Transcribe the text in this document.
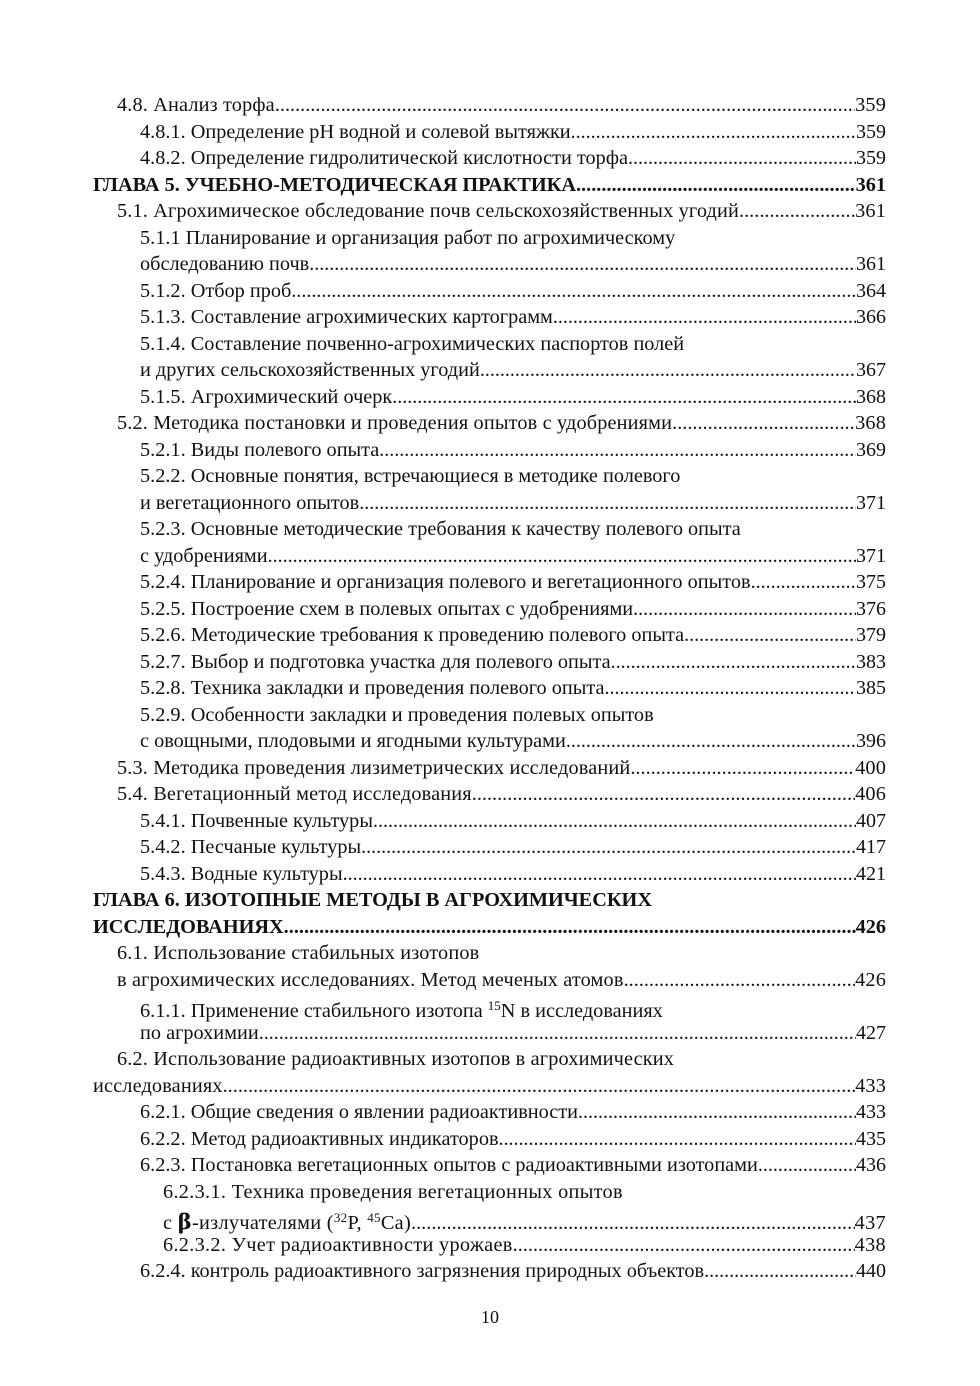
4.8. Анализ торфа .....	359
4.8.1. Определение рН водной и солевой вытяжки .....	359
4.8.2. Определение гидролитической кислотности торфа .....	359
ГЛАВА 5. УЧЕБНО-МЕТОДИЧЕСКАЯ ПРАКТИКА .....	361
5.1. Агрохимическое обследование почв сельскохозяйственных угодий .....	361
5.1.1 Планирование и организация работ по агрохимическому
обследованию почв .....	361
5.1.2. Отбор проб .....	364
5.1.3. Составление агрохимических картограмм .....	366
5.1.4. Составление почвенно-агрохимических паспортов полей
и других сельскохозяйственных угодий .....	367
5.1.5. Агрохимический очерк .....	368
5.2. Методика постановки и проведения опытов с удобрениями .....	368
5.2.1. Виды полевого опыта .....	369
5.2.2. Основные понятия, встречающиеся в методике полевого
и вегетационного опытов .....	371
5.2.3. Основные методические требования к качеству полевого опыта
с удобрениями .....	371
5.2.4. Планирование и организация полевого и вегетационного опытов .....	375
5.2.5. Построение схем в полевых опытах с удобрениями .....	376
5.2.6. Методические требования к проведению полевого опыта .....	379
5.2.7. Выбор и подготовка участка для полевого опыта .....	383
5.2.8. Техника закладки и проведения полевого опыта .....	385
5.2.9. Особенности закладки и проведения полевых опытов
с овощными, плодовыми и ягодными культурами .....	396
5.3. Методика проведения лизиметрических исследований .....	400
5.4. Вегетационный метод исследования .....	406
5.4.1. Почвенные культуры .....	407
5.4.2. Песчаные культуры .....	417
5.4.3. Водные культуры .....	421
ГЛАВА 6. ИЗОТОПНЫЕ МЕТОДЫ В АГРОХИМИЧЕСКИХ
ИССЛЕДОВАНИЯХ .....	426
6.1. Использование стабильных изотопов
в агрохимических исследованиях. Метод меченых атомов .....	426
6.1.1. Применение стабильного изотопа $^{15}$N в исследованиях
по агрохимии .....	427
6.2. Использование радиоактивных изотопов в агрохимических
исследованиях .....	433
6.2.1. Общие сведения о явлении радиоактивности .....	433
6.2.2. Метод радиоактивных индикаторов .....	435
6.2.3. Постановка вегетационных опытов с радиоактивными изотопами .....	436
6.2.3.1. Техника проведения вегетационных опытов
с β-излучателями ($^{32}$Р, $^{45}$Са) .....	437
6.2.3.2. Учет радиоактивности урожаев .....	438
6.2.4. контроль радиоактивного загрязнения природных объектов .....	440
10
